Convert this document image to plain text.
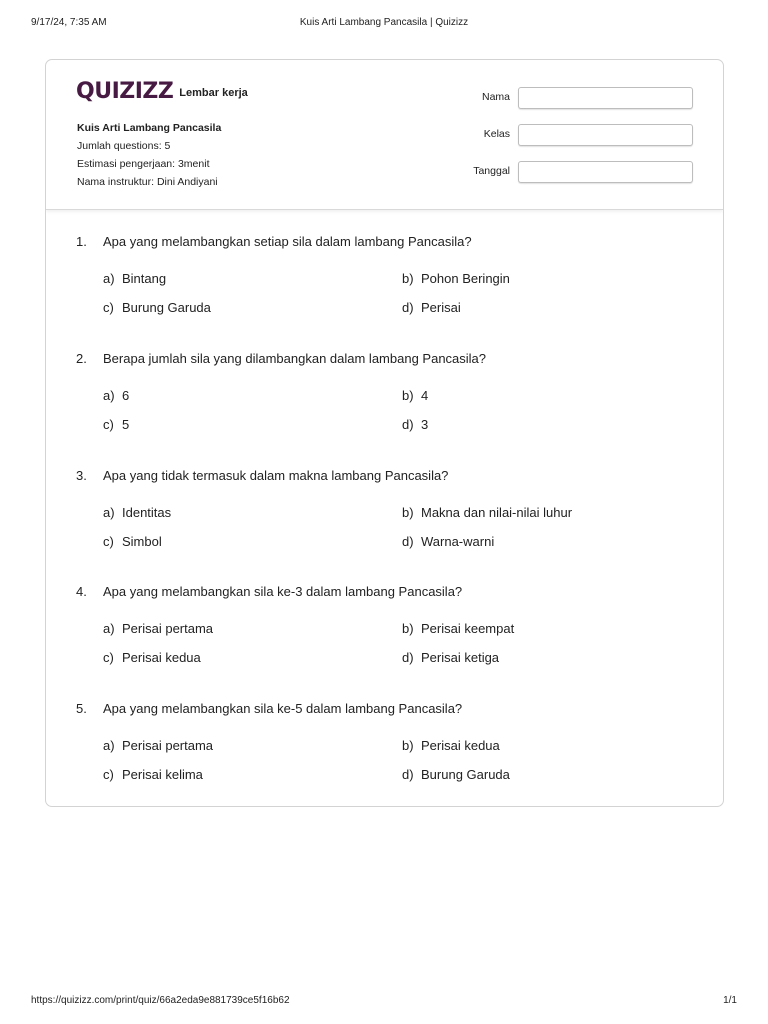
9/17/24, 7:35 AM	Kuis Arti Lambang Pancasila | Quizizz
QUIZIZZ Lembar kerja
Kuis Arti Lambang Pancasila
Jumlah questions: 5
Estimasi pengerjaan: 3menit
Nama instruktur: Dini Andiyani
Nama
Kelas
Tanggal
1. Apa yang melambangkan setiap sila dalam lambang Pancasila?
a) Bintang	b) Pohon Beringin
c) Burung Garuda	d) Perisai
2. Berapa jumlah sila yang dilambangkan dalam lambang Pancasila?
a) 6	b) 4
c) 5	d) 3
3. Apa yang tidak termasuk dalam makna lambang Pancasila?
a) Identitas	b) Makna dan nilai-nilai luhur
c) Simbol	d) Warna-warni
4. Apa yang melambangkan sila ke-3 dalam lambang Pancasila?
a) Perisai pertama	b) Perisai keempat
c) Perisai kedua	d) Perisai ketiga
5. Apa yang melambangkan sila ke-5 dalam lambang Pancasila?
a) Perisai pertama	b) Perisai kedua
c) Perisai kelima	d) Burung Garuda
https://quizizz.com/print/quiz/66a2eda9e881739ce5f16b62	1/1
